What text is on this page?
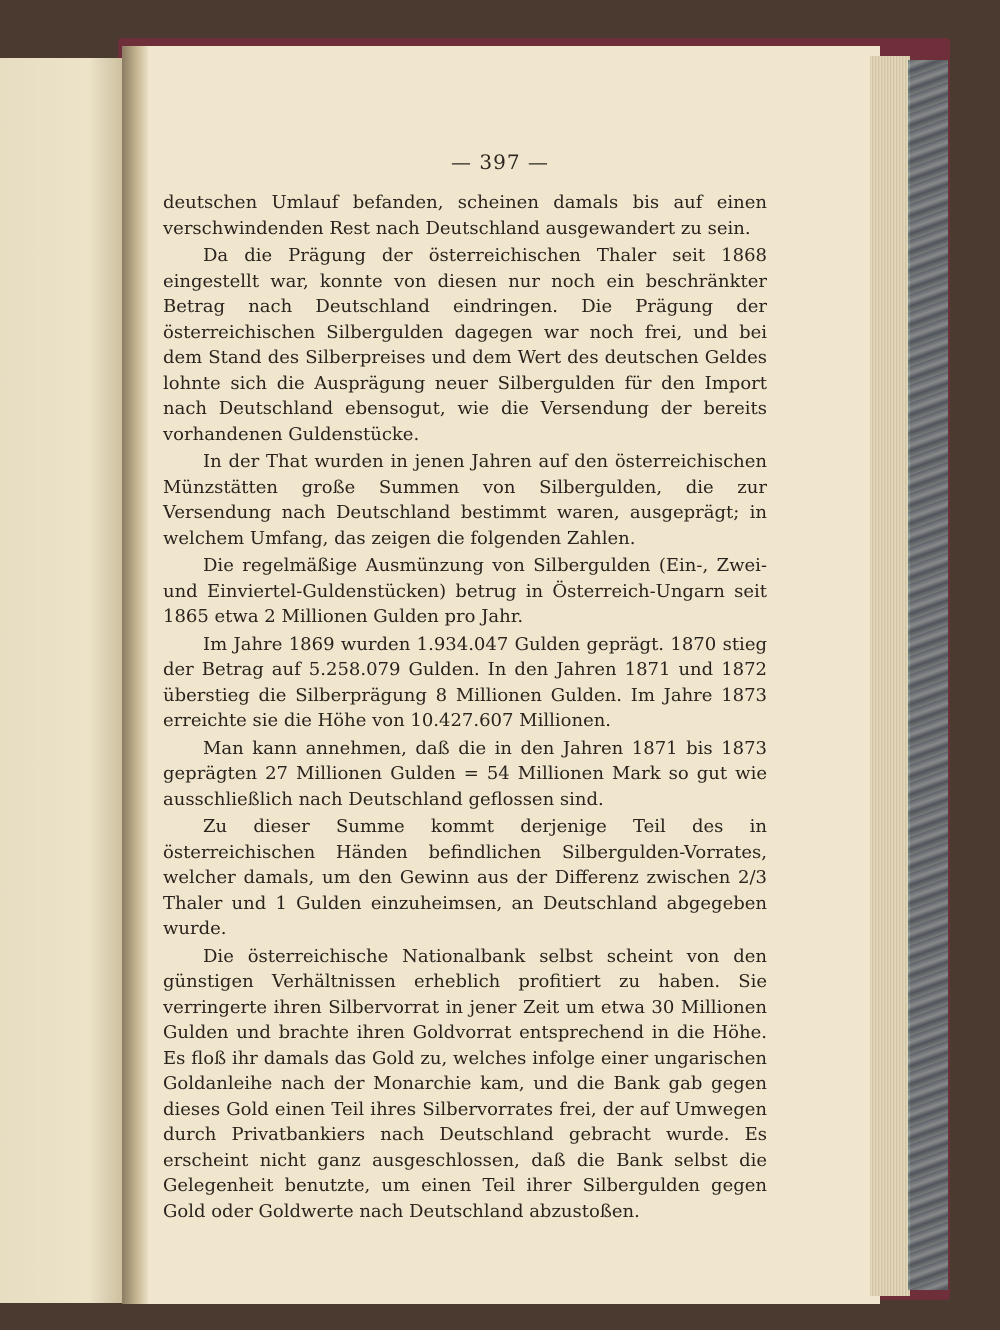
— 397 —

deutschen Umlauf befanden, scheinen damals bis auf einen verschwindenden Rest nach Deutschland ausgewandert zu sein.

Da die Prägung der österreichischen Thaler seit 1868 eingestellt war, konnte von diesen nur noch ein beschränkter Betrag nach Deutschland eindringen. Die Prägung der österreichischen Silbergulden dagegen war noch frei, und bei dem Stand des Silberpreises und dem Wert des deutschen Geldes lohnte sich die Ausprägung neuer Silbergulden für den Import nach Deutschland ebensogut, wie die Versendung der bereits vorhandenen Guldenstücke.

In der That wurden in jenen Jahren auf den österreichischen Münzstätten große Summen von Silbergulden, die zur Versendung nach Deutschland bestimmt waren, ausgeprägt; in welchem Umfang, das zeigen die folgenden Zahlen.

Die regelmäßige Ausmünzung von Silbergulden (Ein-, Zwei- und Einviertel-Guldenstücken) betrug in Österreich-Ungarn seit 1865 etwa 2 Millionen Gulden pro Jahr.

Im Jahre 1869 wurden 1.934.047 Gulden geprägt. 1870 stieg der Betrag auf 5.258.079 Gulden. In den Jahren 1871 und 1872 überstieg die Silberprägung 8 Millionen Gulden. Im Jahre 1873 erreichte sie die Höhe von 10.427.607 Millionen.

Man kann annehmen, daß die in den Jahren 1871 bis 1873 geprägten 27 Millionen Gulden = 54 Millionen Mark so gut wie ausschließlich nach Deutschland geflossen sind.

Zu dieser Summe kommt derjenige Teil des in österreichischen Händen befindlichen Silbergulden-Vorrates, welcher damals, um den Gewinn aus der Differenz zwischen 2/3 Thaler und 1 Gulden einzuheimsen, an Deutschland abgegeben wurde.

Die österreichische Nationalbank selbst scheint von den günstigen Verhältnissen erheblich profitiert zu haben. Sie verringerte ihren Silbervorrat in jener Zeit um etwa 30 Millionen Gulden und brachte ihren Goldvorrat entsprechend in die Höhe. Es floß ihr damals das Gold zu, welches infolge einer ungarischen Goldanleihe nach der Monarchie kam, und die Bank gab gegen dieses Gold einen Teil ihres Silbervorrates frei, der auf Umwegen durch Privatbankiers nach Deutschland gebracht wurde. Es erscheint nicht ganz ausgeschlossen, daß die Bank selbst die Gelegenheit benutzte, um einen Teil ihrer Silbergulden gegen Gold oder Goldwerte nach Deutschland abzustoßen.
